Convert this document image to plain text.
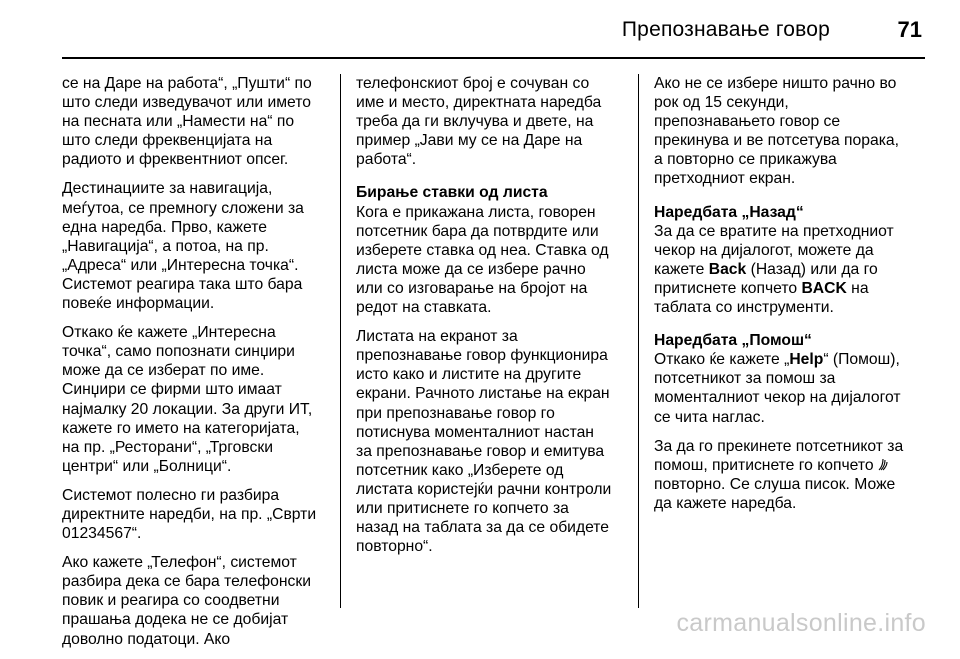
Препознавање говор	71

се на Даре на работа“, „Пушти“ по што следи изведувачот или името на песната или „Намести на“ по што следи фреквенцијата на радиото и фреквентниот опсег.

Дестинациите за навигација, меѓутоа, се премногу сложени за една наредба. Прво, кажете „Навигација“, а потоа, на пр. „Адреса“ или „Интересна точка“. Системот реагира така што бара повеќе информации.

Откако ќе кажете „Интересна точка“, само попознати синџири може да се изберат по име. Синџири се фирми што имаат најмалку 20 локации. За други ИТ, кажете го името на категоријата, на пр. „Ресторани“, „Трговски центри“ или „Болници“.

Системот полесно ги разбира директните наредби, на пр. „Сврти 01234567“.

Ако кажете „Телефон“, системот разбира дека се бара телефонски повик и реагира со соодветни прашања додека не се добијат доволно податоци. Ако

телефонскиот број е сочуван со име и место, директната наредба треба да ги вклучува и двете, на пример „Јави му се на Даре на работа“.

Бирање ставки од листа

Кога е прикажана листа, говорен потсетник бара да потврдите или изберете ставка од неа. Ставка од листа може да се избере рачно или со изговарање на бројот на редот на ставката.

Листата на екранот за препознавање говор функционира исто како и листите на другите екрани. Рачното листање на екран при препознавање говор го потиснува моменталниот настан за препознавање говор и емитува потсетник како „Изберете од листата користејќи рачни контроли или притиснете го копчето за назад на таблата за да се обидете повторно“.

Ако не се избере ништо рачно во рок од 15 секунди, препознавањето говор се прекинува и ве потсетува порака, а повторно се прикажува претходниот екран.

Наредбата „Назад“

За да се вратите на претходниот чекор на дијалогот, можете да кажете Back (Назад) или да го притиснете копчето BACK на таблата со инструменти.

Наредбата „Помош“

Откако ќе кажете „Help“ (Помош), потсетникот за помош за моменталниот чекор на дијалогот се чита наглас.

За да го прекинете потсетникот за помош, притиснете го копчето
повторно. Се слуша писок. Може да кажете наредба.

carmanualsonline.info
